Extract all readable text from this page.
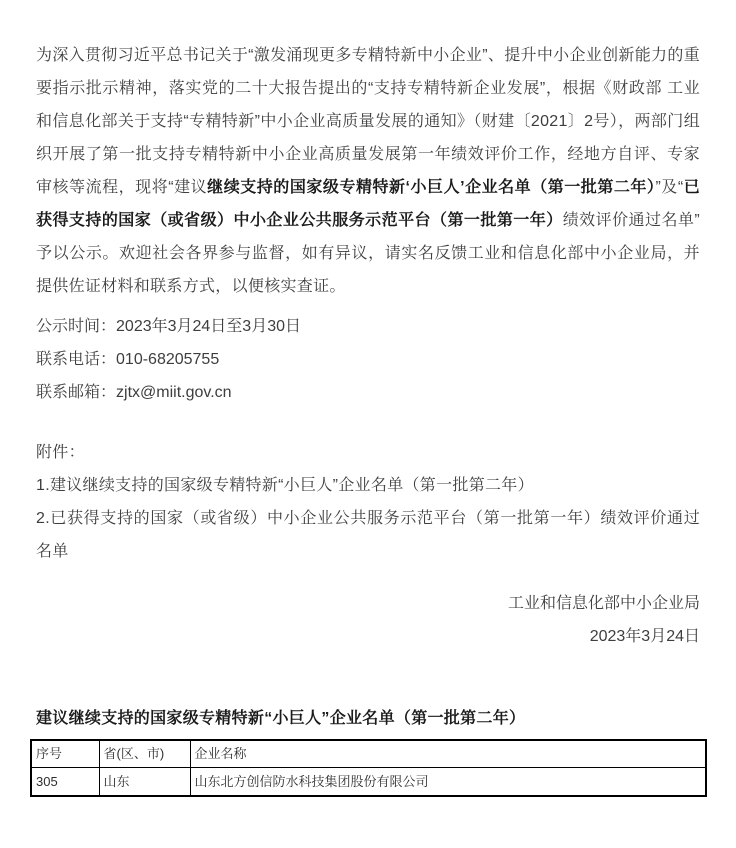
为深入贯彻习近平总书记关于“激发涌现更多专精特新中小企业”、提升中小企业创新能力的重要指示批示精神，落实党的二十大报告提出的“支持专精特新企业发展”，根据《财政部 工业和信息化部关于支持“专精特新”中小企业高质量发展的通知》（财建〔2021〕2号），两部门组织开展了第一批支持专精特新中小企业高质量发展第一年绩效评价工作，经地方自评、专家审核等流程，现将“建议继续支持的国家级专精特新‘小巨人’企业名单（第一批第二年）”及“已获得支持的国家（或省级）中小企业公共服务示范平台（第一批第一年）绩效评价通过名单”予以公示。欢迎社会各界参与监督，如有异议，请实名反馈工业和信息化部中小企业局，并提供佐证材料和联系方式，以便核实查证。

公示时间：2023年3月24日至3月30日

联系电话：010-68205755

联系邮箱：zjtx@miit.gov.cn

附件：

1.建议继续支持的国家级专精特新“小巨人”企业名单（第一批第二年）

2.已获得支持的国家（或省级）中小企业公共服务示范平台（第一批第一年）绩效评价通过名单

工业和信息化部中小企业局

2023年3月24日

建议继续支持的国家级专精特新“小巨人”企业名单（第一批第二年）
序号	省(区、市)	企业名称
305	山东	山东北方创信防水科技集团股份有限公司
